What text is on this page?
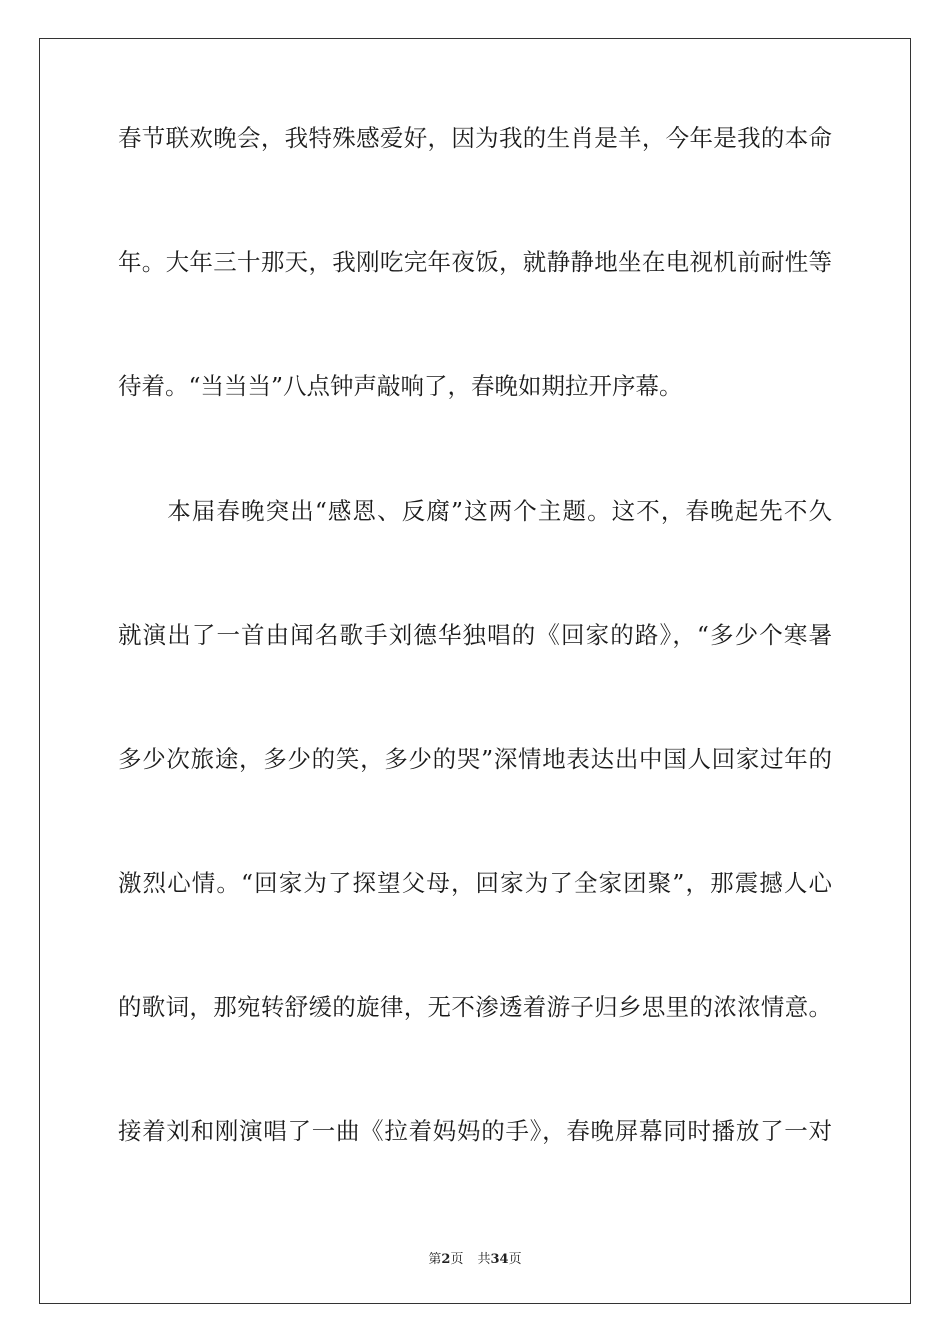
春节联欢晚会，我特殊感爱好，因为我的生肖是羊，今年是我的本命
年。大年三十那天，我刚吃完年夜饭，就静静地坐在电视机前耐性等
待着。“当当当”八点钟声敲响了，春晚如期拉开序幕。
　　本届春晚突出“感恩、反腐”这两个主题。这不，春晚起先不久
就演出了一首由闻名歌手刘德华独唱的《回家的路》，“多少个寒暑
多少次旅途，多少的笑，多少的哭”深情地表达出中国人回家过年的
激烈心情。“回家为了探望父母，回家为了全家团聚”，那震撼人心
的歌词，那宛转舒缓的旋律，无不渗透着游子归乡思里的浓浓情意。
接着刘和刚演唱了一曲《拉着妈妈的手》，春晚屏幕同时播放了一对
第2页 共34页
